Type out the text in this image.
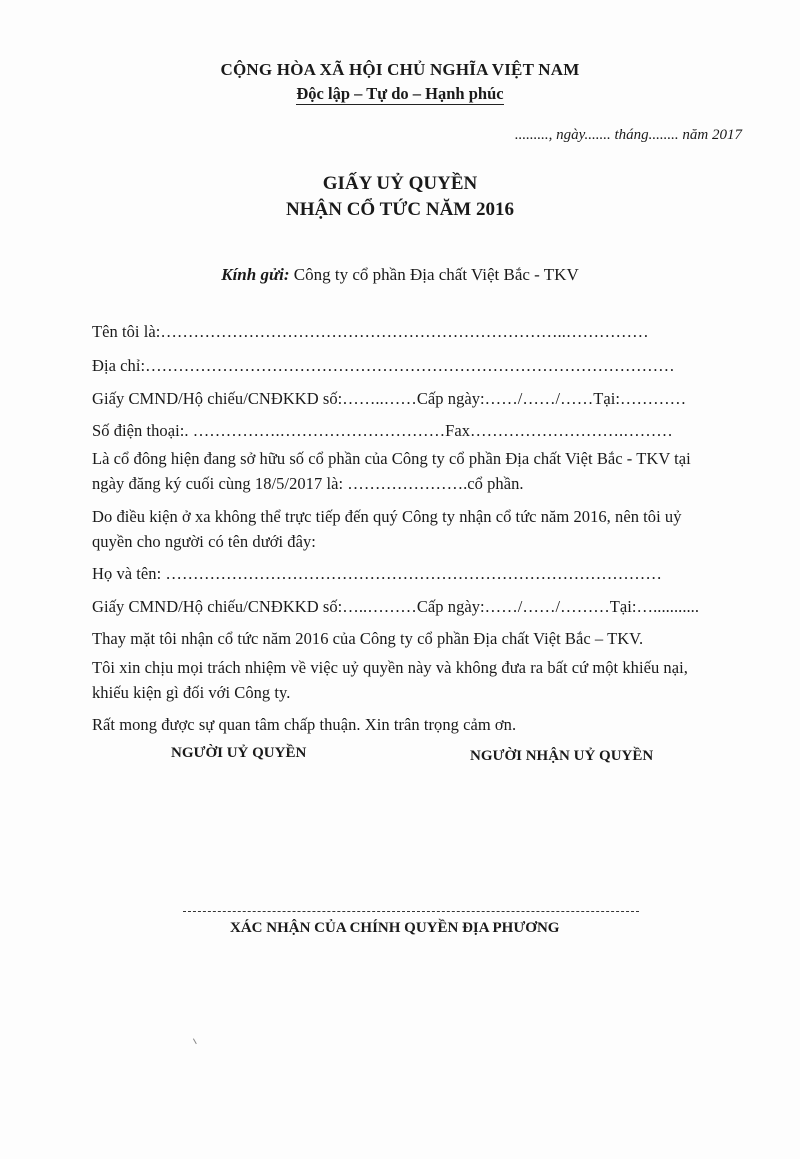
CỘNG HÒA XÃ HỘI CHỦ NGHĨA VIỆT NAM
Độc lập – Tự do – Hạnh phúc
........., ngày....... tháng........ năm 2017
GIẤY UỶ QUYỀN
NHẬN CỔ TỨC NĂM 2016
Kính gửi: Công ty cổ phần Địa chất Việt Bắc - TKV
Tên tôi là:………………………………………………………………..……………
Địa chỉ:……………………………………………………………………………………
Giấy CMND/Hộ chiếu/CNĐKKD số:……..……Cấp ngày:……/……/……Tại:…………
Số điện thoại:. …………….…………………………Fax……………………….………
Là cổ đông hiện đang sở hữu số cổ phần của Công ty cổ phần Địa chất Việt Bắc - TKV tại
ngày đăng ký cuối cùng 18/5/2017 là: ………………….cổ phần.
Do điều kiện ở xa không thể trực tiếp đến quý Công ty nhận cổ tức năm 2016, nên tôi uỷ
quyền cho người có tên dưới đây:
Họ và tên: ………………………………………………………………………………
Giấy CMND/Hộ chiếu/CNĐKKD số:…..………Cấp ngày:……/……/………Tại:…...........
Thay mặt tôi nhận cổ tức năm 2016 của Công ty cổ phần Địa chất Việt Bắc – TKV.
Tôi xin chịu mọi trách nhiệm về việc uỷ quyền này và không đưa ra bất cứ một khiếu nại,
khiếu kiện gì đối với Công ty.
Rất mong được sự quan tâm chấp thuận. Xin trân trọng cảm ơn.
NGƯỜI UỶ QUYỀN	NGƯỜI NHẬN UỶ QUYỀN
XÁC NHẬN CỦA CHÍNH QUYỀN ĐỊA PHƯƠNG
